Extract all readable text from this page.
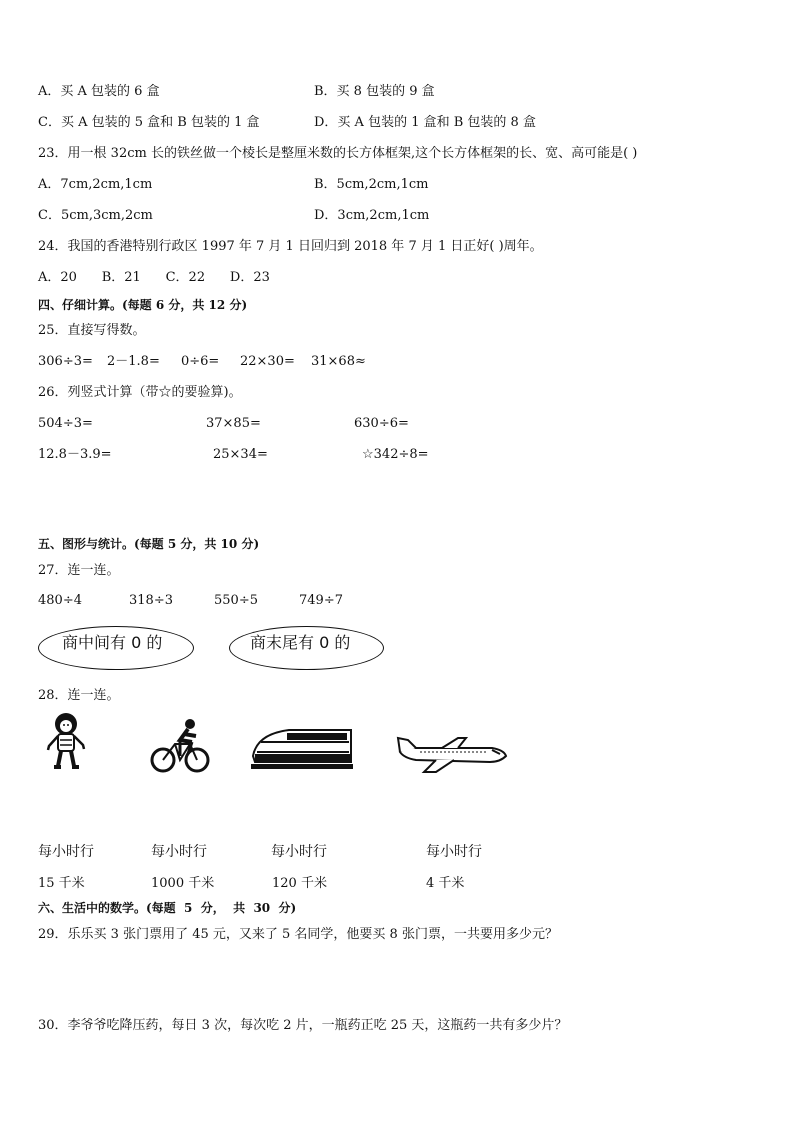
A．买 A 包装的 6 盒	B．买 8 包装的 9 盒
C．买 A 包装的 5 盒和 B 包装的 1 盒	D．买 A 包装的 1 盒和 B 包装的 8 盒
23．用一根 32cm 长的铁丝做一个棱长是整厘米数的长方体框架,这个长方体框架的长、宽、高可能是( )
A．7cm,2cm,1cm	B．5cm,2cm,1cm
C．5cm,3cm,2cm	D．3cm,2cm,1cm
24．我国的香港特别行政区 1997 年 7 月 1 日回归到 2018 年 7 月 1 日正好( )周年。
A．20      B．21      C．22      D．23
四、仔细计算。(每题 6 分，共 12 分)
25．直接写得数。
306÷3= 2－1.8= 0÷6= 22×30= 31×68≈
26．列竖式计算（带☆的要验算)。
504÷3=	37×85=	630÷6=
12.8－3.9=	25×34=	☆342÷8=
五、图形与统计。(每题 5 分，共 10 分)
27．连一连。
480÷4	318÷3	550÷5	749÷7
商中间有 0 的	商末尾有 0 的
28．连一连。
每小时行	每小时行	每小时行	每小时行
15 千米	1000 千米	120 千米	4 千米
六、生活中的数学。(每题  5  分，  共  30  分)
29．乐乐买 3 张门票用了 45 元，又来了 5 名同学，他要买 8 张门票，一共要用多少元？
30．李爷爷吃降压药，每日 3 次，每次吃 2 片，一瓶药正吃 25 天，这瓶药一共有多少片？
